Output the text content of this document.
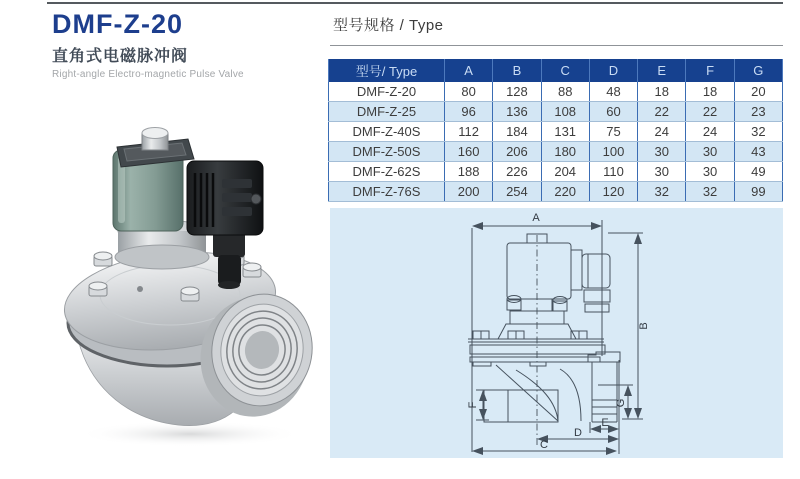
DMF-Z-20
直角式电磁脉冲阀
Right-angle Electro-magnetic Pulse Valve
型号规格 / Type
型号/ Type	A	B	C	D	E	F	G
DMF-Z-20	80	128	88	48	18	18	20
DMF-Z-25	96	136	108	60	22	22	23
DMF-Z-40S	112	184	131	75	24	24	32
DMF-Z-50S	160	206	180	100	30	30	43
DMF-Z-62S	188	226	204	110	30	30	49
DMF-Z-76S	200	254	220	120	32	32	99
A
B
C
D
E
F	G
